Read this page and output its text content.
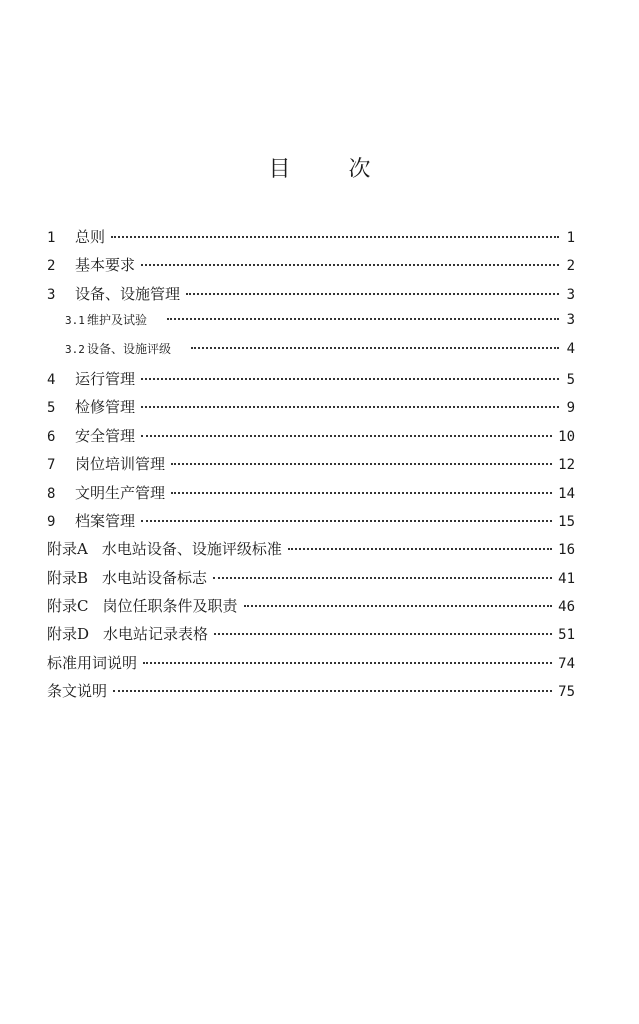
目	次
1	总则	1
2	基本要求	2
3	设备、设施管理	3
3.1 维护及试验	3
3.2 设备、设施评级	4
4	运行管理	5
5	检修管理	9
6	安全管理	10
7	岗位培训管理	12
8	文明生产管理	14
9	档案管理	15
附录A 水电站设备、设施评级标准	16
附录B 水电站设备标志	41
附录C 岗位任职条件及职责	46
附录D 水电站记录表格	51
标准用词说明	74
条文说明	75
